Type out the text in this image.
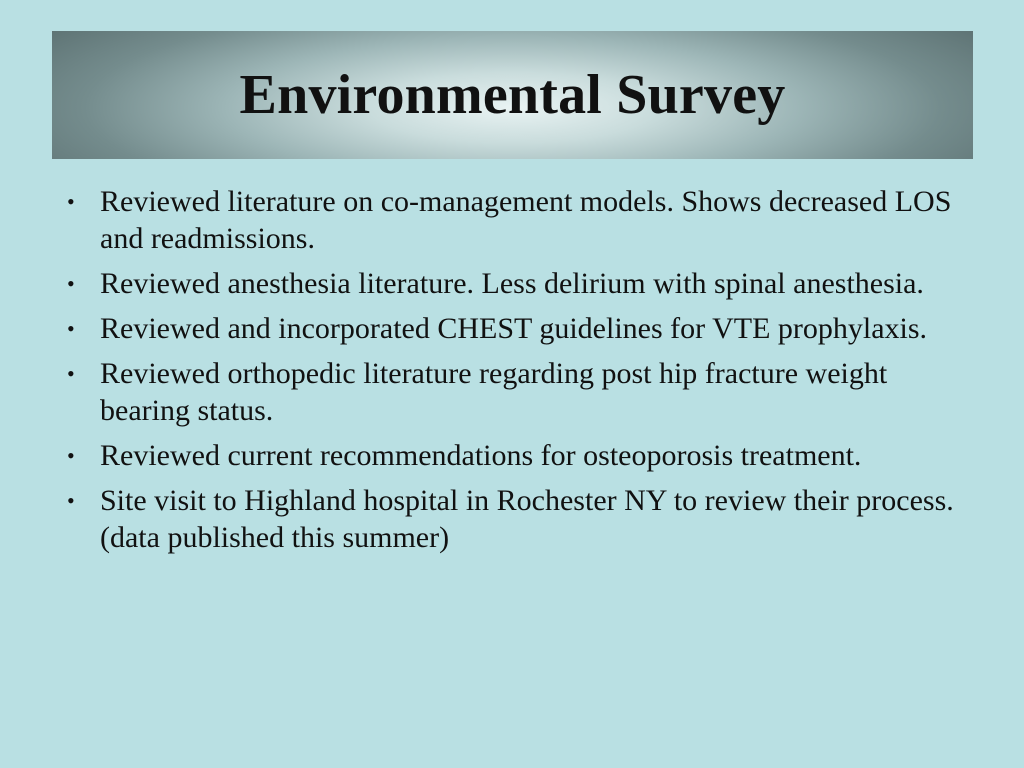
Environmental Survey
• Reviewed literature on co-management models. Shows decreased LOS and readmissions.
• Reviewed anesthesia literature. Less delirium with spinal anesthesia.
• Reviewed and incorporated CHEST guidelines for VTE prophylaxis.
• Reviewed orthopedic literature regarding post hip fracture weight bearing status.
• Reviewed current recommendations for osteoporosis treatment.
• Site visit to Highland hospital in Rochester NY to review their process. (data published this summer)
